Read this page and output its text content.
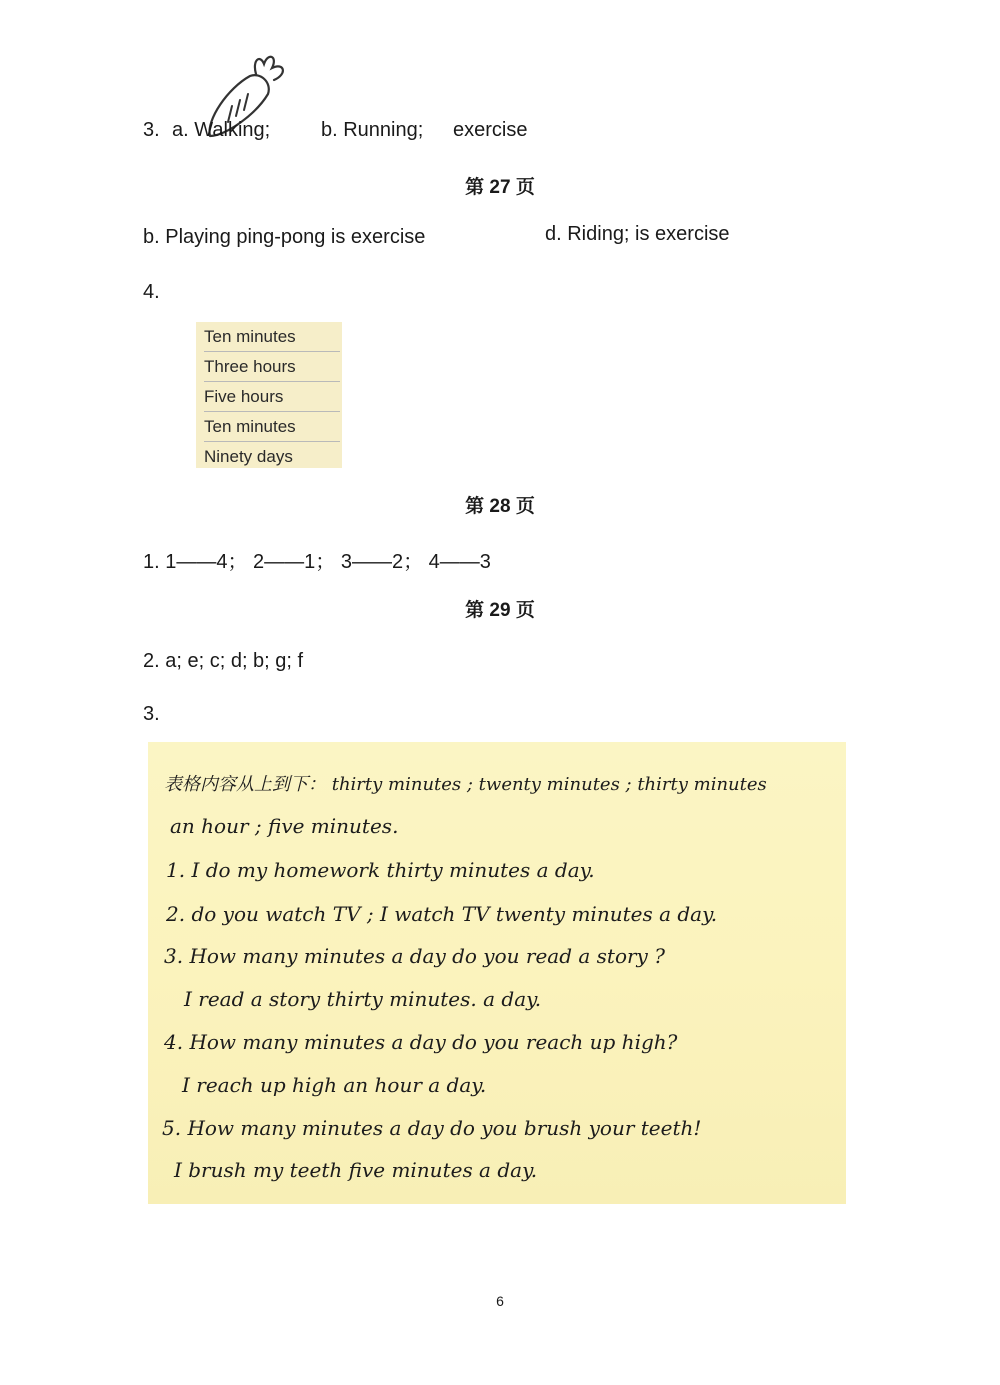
3. a. Walking;	b. Running; exercise
第 27 页
b. Playing ping-pong is exercise	d. Riding; is exercise
4.
Ten minutes
Three hours
Five hours
Ten minutes
Ninety days
第 28 页
1. 1——4； 2——1； 3——2； 4——3
第 29 页
2. a; e; c; d; b; g; f
3.
表格内容从上到下： thirty minutes ; twenty minutes ; thirty minutes
an hour ; five minutes.
1. I do my homework thirty minutes a day.
2. do you watch TV ; I watch TV twenty minutes a day.
3. How many minutes a day do you read a story ?
I read a story thirty minutes. a day.
4. How many minutes a day do you reach up high?
I reach up high an hour a day.
5. How many minutes a day do you brush your teeth!
I brush my teeth five minutes a day.
6
